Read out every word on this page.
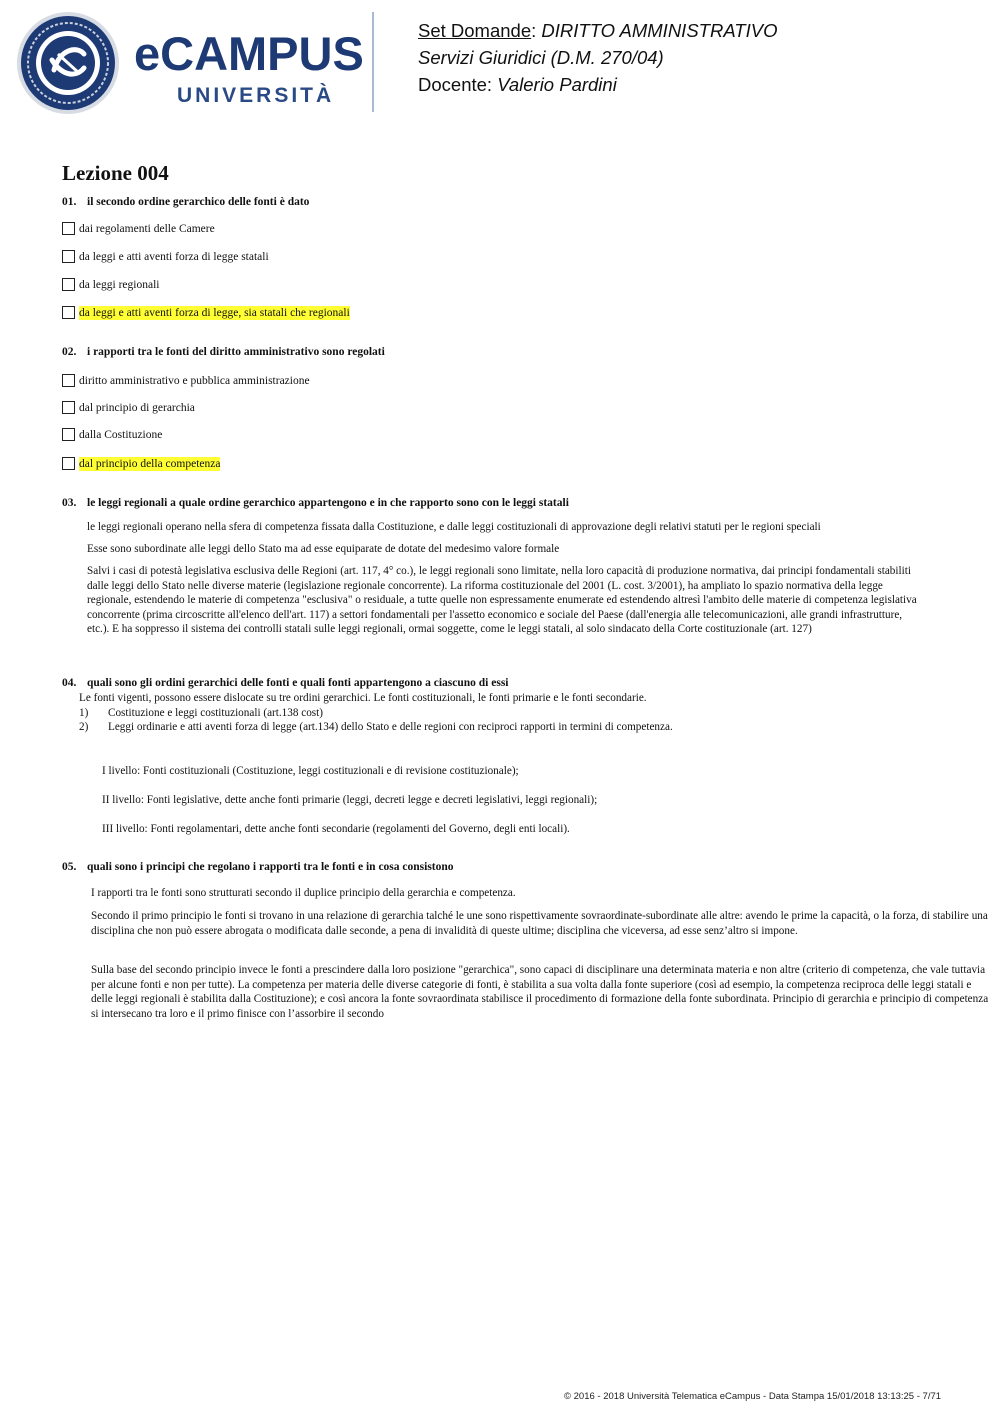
eCAMPUS
UNIVERSITÀ
Set Domande: DIRITTO AMMINISTRATIVO
Servizi Giuridici (D.M. 270/04)
Docente: Valerio Pardini
Lezione 004
01. il secondo ordine gerarchico delle fonti è dato
dai regolamenti delle Camere
da leggi e atti aventi forza di legge statali
da leggi regionali
da leggi e atti aventi forza di legge, sia statali che regionali
02. i rapporti tra le fonti del diritto amministrativo sono regolati
diritto amministrativo e pubblica amministrazione
dal principio di gerarchia
dalla Costituzione
dal principio della competenza
03. le leggi regionali a quale ordine gerarchico appartengono e in che rapporto sono con le leggi statali
le leggi regionali operano nella sfera di competenza fissata dalla Costituzione, e dalle leggi costituzionali di approvazione degli relativi statuti per le regioni speciali
Esse sono subordinate alle leggi dello Stato ma ad esse equiparate de dotate del medesimo valore formale
Salvi i casi di potestà legislativa esclusiva delle Regioni (art. 117, 4° co.), le leggi regionali sono limitate, nella loro capacità di produzione normativa, dai principi fondamentali stabiliti dalle leggi dello Stato nelle diverse materie (legislazione regionale concorrente). La riforma costituzionale del 2001 (L. cost. 3/2001), ha ampliato lo spazio normativa della legge regionale, estendendo le materie di competenza "esclusiva" o residuale, a tutte quelle non espressamente enumerate ed estendendo altresì l'ambito delle materie di competenza legislativa concorrente (prima circoscritte all'elenco dell'art. 117) a settori fondamentali per l'assetto economico e sociale del Paese (dall'energia alle telecomunicazioni, alle grandi infrastrutture, etc.). E ha soppresso il sistema dei controlli statali sulle leggi regionali, ormai soggette, come le leggi statali, al solo sindacato della Corte costituzionale (art. 127)
04. quali sono gli ordini gerarchici delle fonti e quali fonti appartengono a ciascuno di essi
Le fonti vigenti, possono essere dislocate su tre ordini gerarchici. Le fonti costituzionali, le fonti primarie e le fonti secondarie.
1) Costituzione e leggi costituzionali (art.138 cost)
2) Leggi ordinarie e atti aventi forza di legge (art.134) dello Stato e delle regioni con reciproci rapporti in termini di competenza.
I livello: Fonti costituzionali (Costituzione, leggi costituzionali e di revisione costituzionale);
II livello: Fonti legislative, dette anche fonti primarie (leggi, decreti legge e decreti legislativi, leggi regionali);
III livello: Fonti regolamentari, dette anche fonti secondarie (regolamenti del Governo, degli enti locali).
05. quali sono i principi che regolano i rapporti tra le fonti e in cosa consistono
I rapporti tra le fonti sono strutturati secondo il duplice principio della gerarchia e competenza.
Secondo il primo principio le fonti si trovano in una relazione di gerarchia talché le une sono rispettivamente sovraordinate-subordinate alle altre: avendo le prime la capacità, o la forza, di stabilire una disciplina che non può essere abrogata o modificata dalle seconde, a pena di invalidità di queste ultime; disciplina che viceversa, ad esse senz’altro si impone.
Sulla base del secondo principio invece le fonti a prescindere dalla loro posizione "gerarchica", sono capaci di disciplinare una determinata materia e non altre (criterio di competenza, che vale tuttavia per alcune fonti e non per tutte). La competenza per materia delle diverse categorie di fonti, è stabilita a sua volta dalla fonte superiore (così ad esempio, la competenza reciproca delle leggi statali e delle leggi regionali è stabilita dalla Costituzione); e così ancora la fonte sovraordinata stabilisce il procedimento di formazione della fonte subordinata. Principio di gerarchia e principio di competenza si intersecano tra loro e il primo finisce con l’assorbire il secondo
© 2016 - 2018 Università Telematica eCampus - Data Stampa 15/01/2018 13:13:25 - 7/71
